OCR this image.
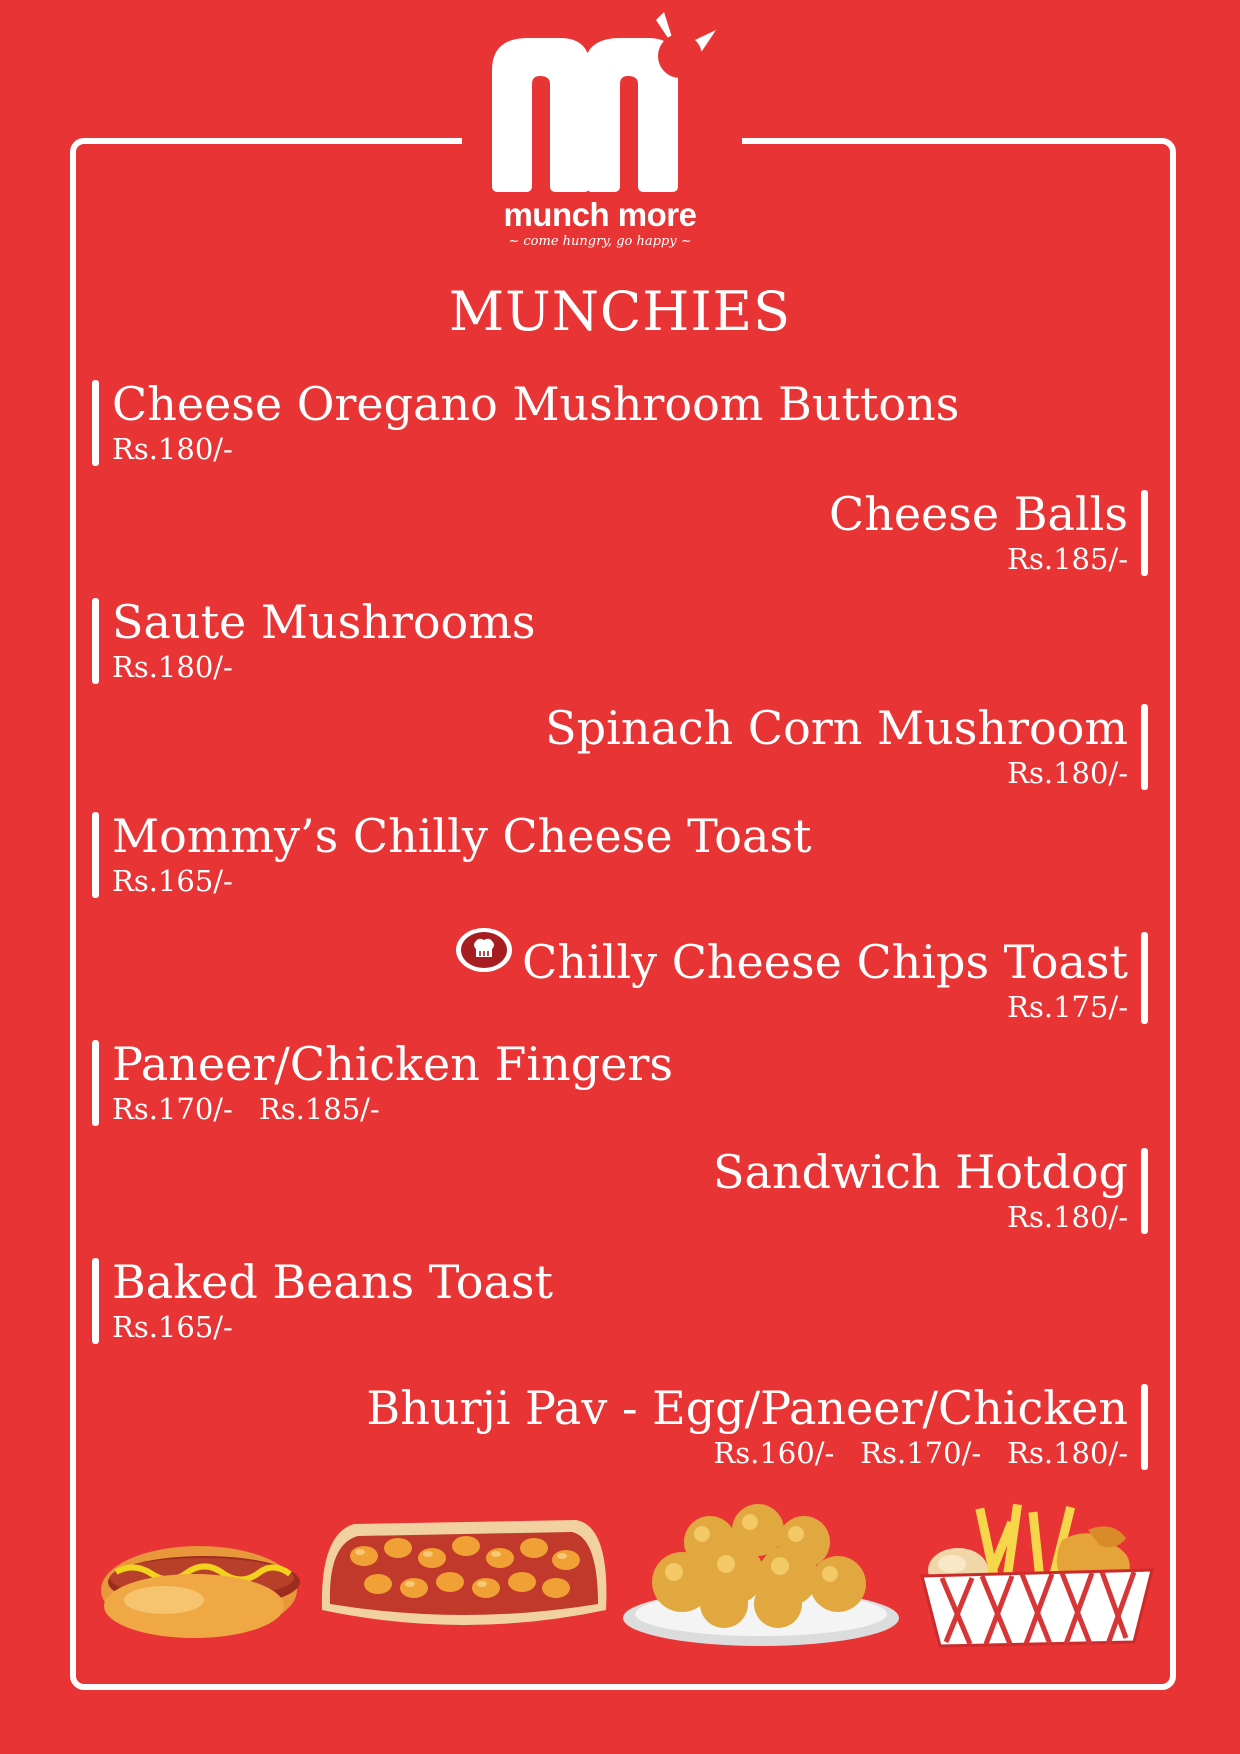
munch more
~ come hungry, go happy ~
MUNCHIES
Cheese Oregano Mushroom Buttons
Rs.180/-
Cheese Balls
Rs.185/-
Saute Mushrooms
Rs.180/-
Spinach Corn Mushroom
Rs.180/-
Mommy’s Chilly Cheese Toast
Rs.165/-
Chilly Cheese Chips Toast
Rs.175/-
Paneer/Chicken Fingers
Rs.170/- Rs.185/-
Sandwich Hotdog
Rs.180/-
Baked Beans Toast
Rs.165/-
Bhurji Pav - Egg/Paneer/Chicken
Rs.160/- Rs.170/- Rs.180/-
